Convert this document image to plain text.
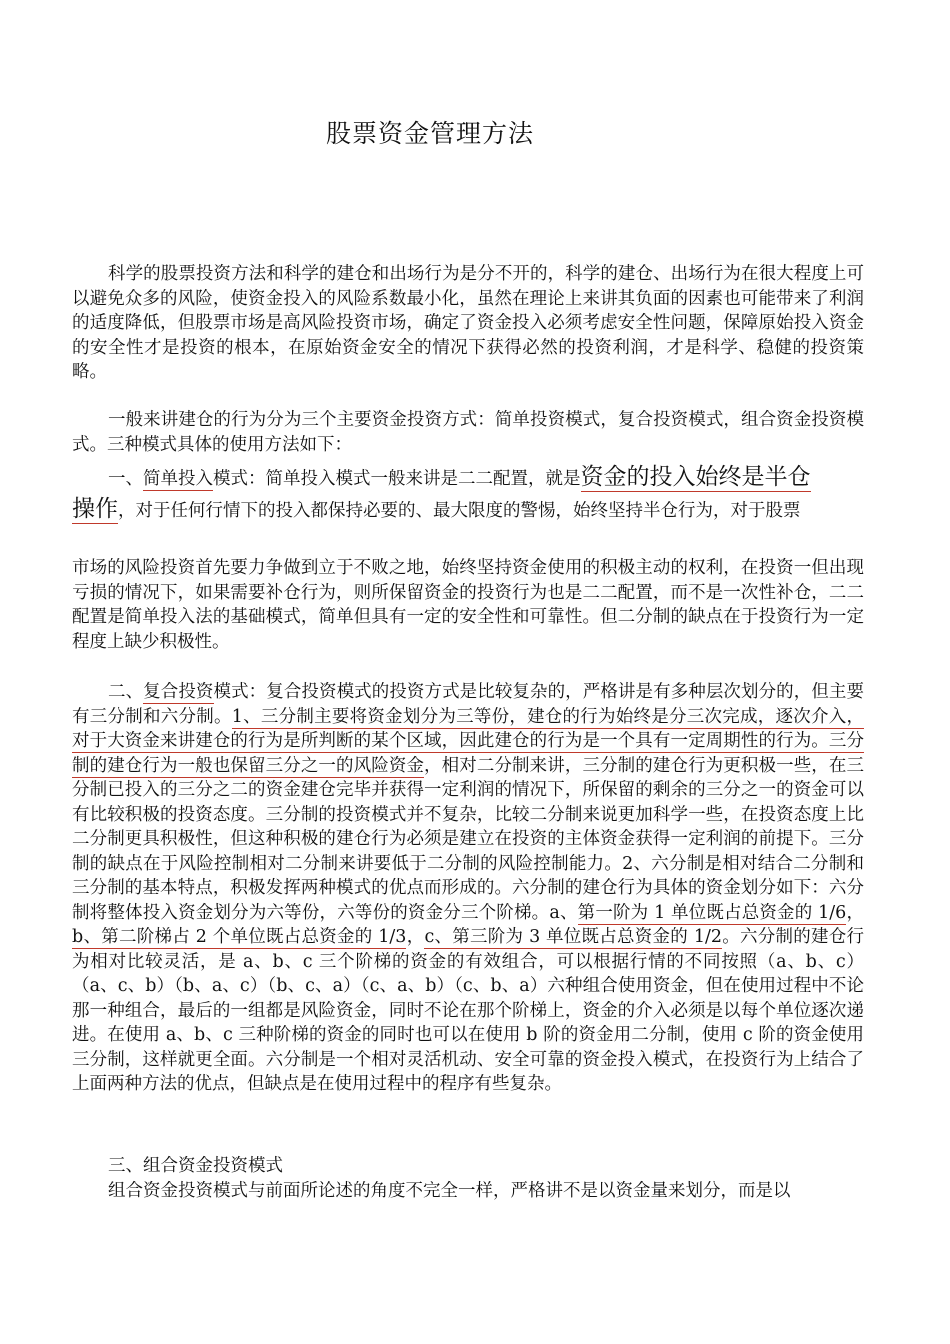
股票资金管理方法
科学的股票投资方法和科学的建仓和出场行为是分不开的，科学的建仓、出场行为在很大程度上可以避免众多的风险，使资金投入的风险系数最小化，虽然在理论上来讲其负面的因素也可能带来了利润的适度降低，但股票市场是高风险投资市场，确定了资金投入必须考虑安全性问题，保障原始投入资金的安全性才是投资的根本，在原始资金安全的情况下获得必然的投资利润，才是科学、稳健的投资策略。
一般来讲建仓的行为分为三个主要资金投资方式：简单投资模式，复合投资模式，组合资金投资模式。三种模式具体的使用方法如下：
一、简单投入模式：简单投入模式一般来讲是二二配置，就是资金的投入始终是半仓
操作，对于任何行情下的投入都保持必要的、最大限度的警惕，始终坚持半仓行为，对于股票
市场的风险投资首先要力争做到立于不败之地，始终坚持资金使用的积极主动的权利，在投资一但出现亏损的情况下，如果需要补仓行为，则所保留资金的投资行为也是二二配置，而不是一次性补仓，二二配置是简单投入法的基础模式，简单但具有一定的安全性和可靠性。但二分制的缺点在于投资行为一定程度上缺少积极性。
二、复合投资模式：复合投资模式的投资方式是比较复杂的，严格讲是有多种层次划分的，但主要有三分制和六分制。1、三分制主要将资金划分为三等份，建仓的行为始终是分三次完成，逐次介入，对于大资金来讲建仓的行为是所判断的某个区域，因此建仓的行为是一个具有一定周期性的行为。三分制的建仓行为一般也保留三分之一的风险资金，相对二分制来讲，三分制的建仓行为更积极一些，在三分制已投入的三分之二的资金建仓完毕并获得一定利润的情况下，所保留的剩余的三分之一的资金可以有比较积极的投资态度。三分制的投资模式并不复杂，比较二分制来说更加科学一些，在投资态度上比二分制更具积极性，但这种积极的建仓行为必须是建立在投资的主体资金获得一定利润的前提下。三分制的缺点在于风险控制相对二分制来讲要低于二分制的风险控制能力。2、六分制是相对结合二分制和三分制的基本特点，积极发挥两种模式的优点而形成的。六分制的建仓行为具体的资金划分如下：六分制将整体投入资金划分为六等份，六等份的资金分三个阶梯。a、第一阶为 1 单位既占总资金的 1/6，b、第二阶梯占 2 个单位既占总资金的 1/3，c、第三阶为 3 单位既占总资金的 1/2。六分制的建仓行为相对比较灵活，是 a、b、c 三个阶梯的资金的有效组合，可以根据行情的不同按照（a、b、c）（a、c、b）（b、a、c）（b、c、a）（c、a、b）（c、b、a）六种组合使用资金，但在使用过程中不论那一种组合，最后的一组都是风险资金，同时不论在那个阶梯上，资金的介入必须是以每个单位逐次递进。在使用 a、b、c 三种阶梯的资金的同时也可以在使用 b 阶的资金用二分制，使用 c 阶的资金使用三分制，这样就更全面。六分制是一个相对灵活机动、安全可靠的资金投入模式，在投资行为上结合了上面两种方法的优点，但缺点是在使用过程中的程序有些复杂。
三、组合资金投资模式
组合资金投资模式与前面所论述的角度不完全一样，严格讲不是以资金量来划分，而是以
